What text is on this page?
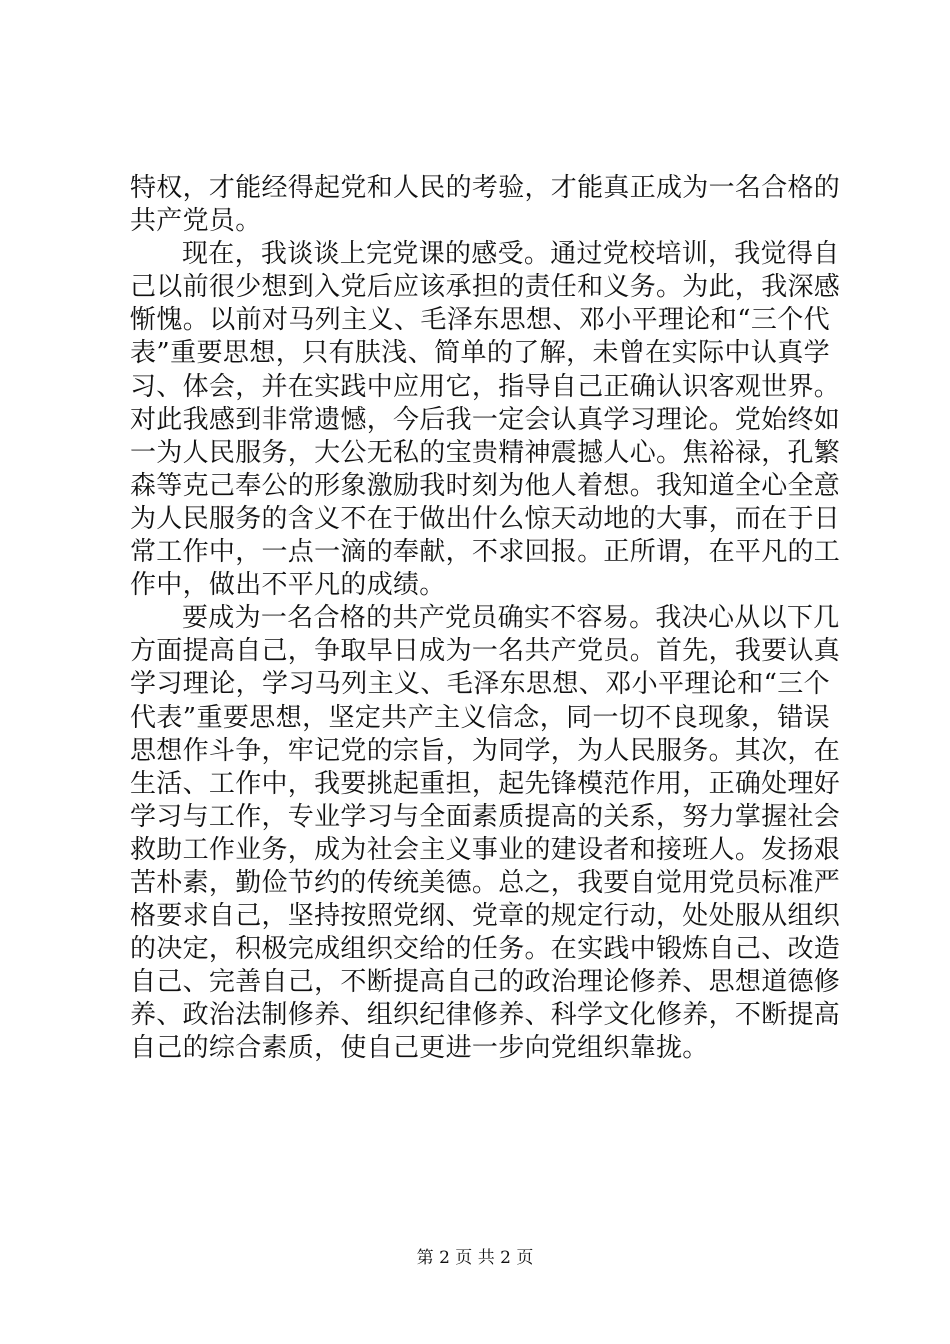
特权，才能经得起党和人民的考验，才能真正成为一名合格的
共产党员。
现在，我谈谈上完党课的感受。通过党校培训，我觉得自
己以前很少想到入党后应该承担的责任和义务。为此，我深感
惭愧。以前对马列主义、毛泽东思想、邓小平理论和“三个代
表”重要思想，只有肤浅、简单的了解，未曾在实际中认真学
习、体会，并在实践中应用它，指导自己正确认识客观世界。
对此我感到非常遗憾，今后我一定会认真学习理论。党始终如
一为人民服务，大公无私的宝贵精神震撼人心。焦裕禄，孔繁
森等克己奉公的形象激励我时刻为他人着想。我知道全心全意
为人民服务的含义不在于做出什么惊天动地的大事，而在于日
常工作中，一点一滴的奉献，不求回报。正所谓，在平凡的工
作中，做出不平凡的成绩。
要成为一名合格的共产党员确实不容易。我决心从以下几
方面提高自己，争取早日成为一名共产党员。首先，我要认真
学习理论，学习马列主义、毛泽东思想、邓小平理论和“三个
代表”重要思想，坚定共产主义信念，同一切不良现象，错误
思想作斗争，牢记党的宗旨，为同学，为人民服务。其次，在
生活、工作中，我要挑起重担，起先锋模范作用，正确处理好
学习与工作，专业学习与全面素质提高的关系，努力掌握社会
救助工作业务，成为社会主义事业的建设者和接班人。发扬艰
苦朴素，勤俭节约的传统美德。总之，我要自觉用党员标准严
格要求自己，坚持按照党纲、党章的规定行动，处处服从组织
的决定，积极完成组织交给的任务。在实践中锻炼自己、改造
自己、完善自己，不断提高自己的政治理论修养、思想道德修
养、政治法制修养、组织纪律修养、科学文化修养，不断提高
自己的综合素质，使自己更进一步向党组织靠拢。
第 2 页 共 2 页
